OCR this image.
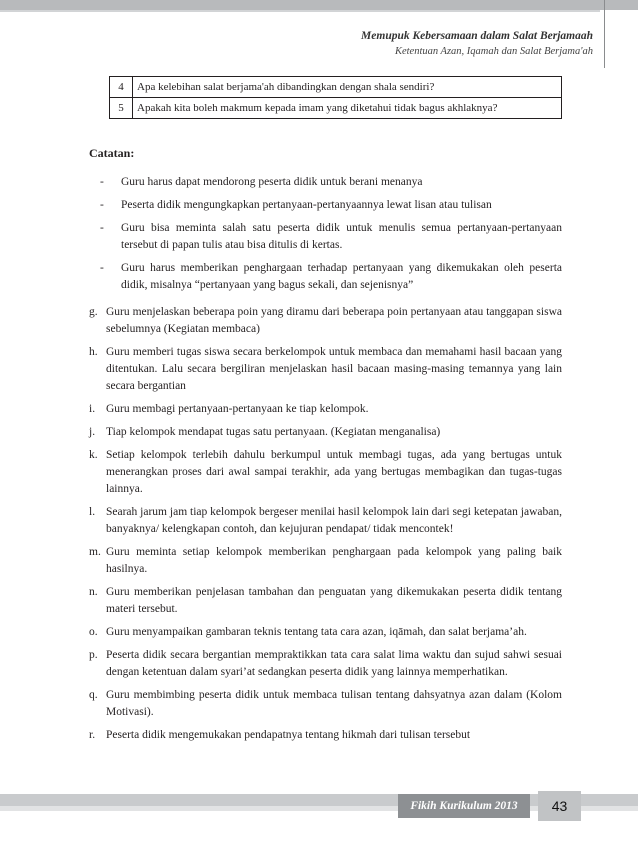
Memupuk Kebersamaan dalam Salat Berjamaah
Ketentuan Azan, Iqamah dan Salat Berjama'ah
4	Apa kelebihan salat berjama'ah dibandingkan dengan shala sendiri?
5	Apakah kita boleh makmum kepada imam yang diketahui tidak bagus akhlaknya?
Catatan:
-	Guru harus dapat mendorong peserta didik untuk berani menanya
-	Peserta didik mengungkapkan pertanyaan-pertanyaannya lewat lisan atau tulisan
-	Guru bisa meminta salah satu peserta didik untuk menulis semua pertanyaan-pertanyaan tersebut di papan tulis atau bisa ditulis di kertas.
-	Guru harus memberikan penghargaan terhadap pertanyaan yang dikemukakan oleh peserta didik, misalnya “pertanyaan yang bagus sekali, dan sejenisnya”
g. Guru menjelaskan beberapa poin yang diramu dari beberapa poin pertanyaan atau tanggapan siswa sebelumnya (Kegiatan membaca)
h. Guru memberi tugas siswa secara berkelompok untuk membaca dan memahami hasil bacaan yang ditentukan. Lalu secara bergiliran menjelaskan hasil bacaan masing-masing temannya yang lain secara bergantian
i. Guru membagi pertanyaan-pertanyaan ke tiap kelompok.
j. Tiap kelompok mendapat tugas satu pertanyaan. (Kegiatan menganalisa)
k. Setiap kelompok terlebih dahulu berkumpul untuk membagi tugas, ada yang bertugas untuk menerangkan proses dari awal sampai terakhir, ada yang bertugas membagikan dan tugas-tugas lainnya.
l. Searah jarum jam tiap kelompok bergeser menilai hasil kelompok lain dari segi ketepatan jawaban, banyaknya/ kelengkapan contoh, dan kejujuran pendapat/ tidak mencontek!
m. Guru meminta setiap kelompok memberikan penghargaan pada kelompok yang paling baik hasilnya.
n. Guru memberikan penjelasan tambahan dan penguatan yang dikemukakan peserta didik tentang materi tersebut.
o. Guru menyampaikan gambaran teknis tentang tata cara azan, iqāmah, dan salat berjama’ah.
p. Peserta didik secara bergantian mempraktikkan tata cara salat lima waktu dan sujud sahwi sesuai dengan ketentuan dalam syari’at sedangkan peserta didik yang lainnya memperhatikan.
q. Guru membimbing peserta didik untuk membaca tulisan tentang dahsyatnya azan dalam (Kolom Motivasi).
r. Peserta didik mengemukakan pendapatnya tentang hikmah dari tulisan tersebut
Fikih Kurikulum 2013	43
